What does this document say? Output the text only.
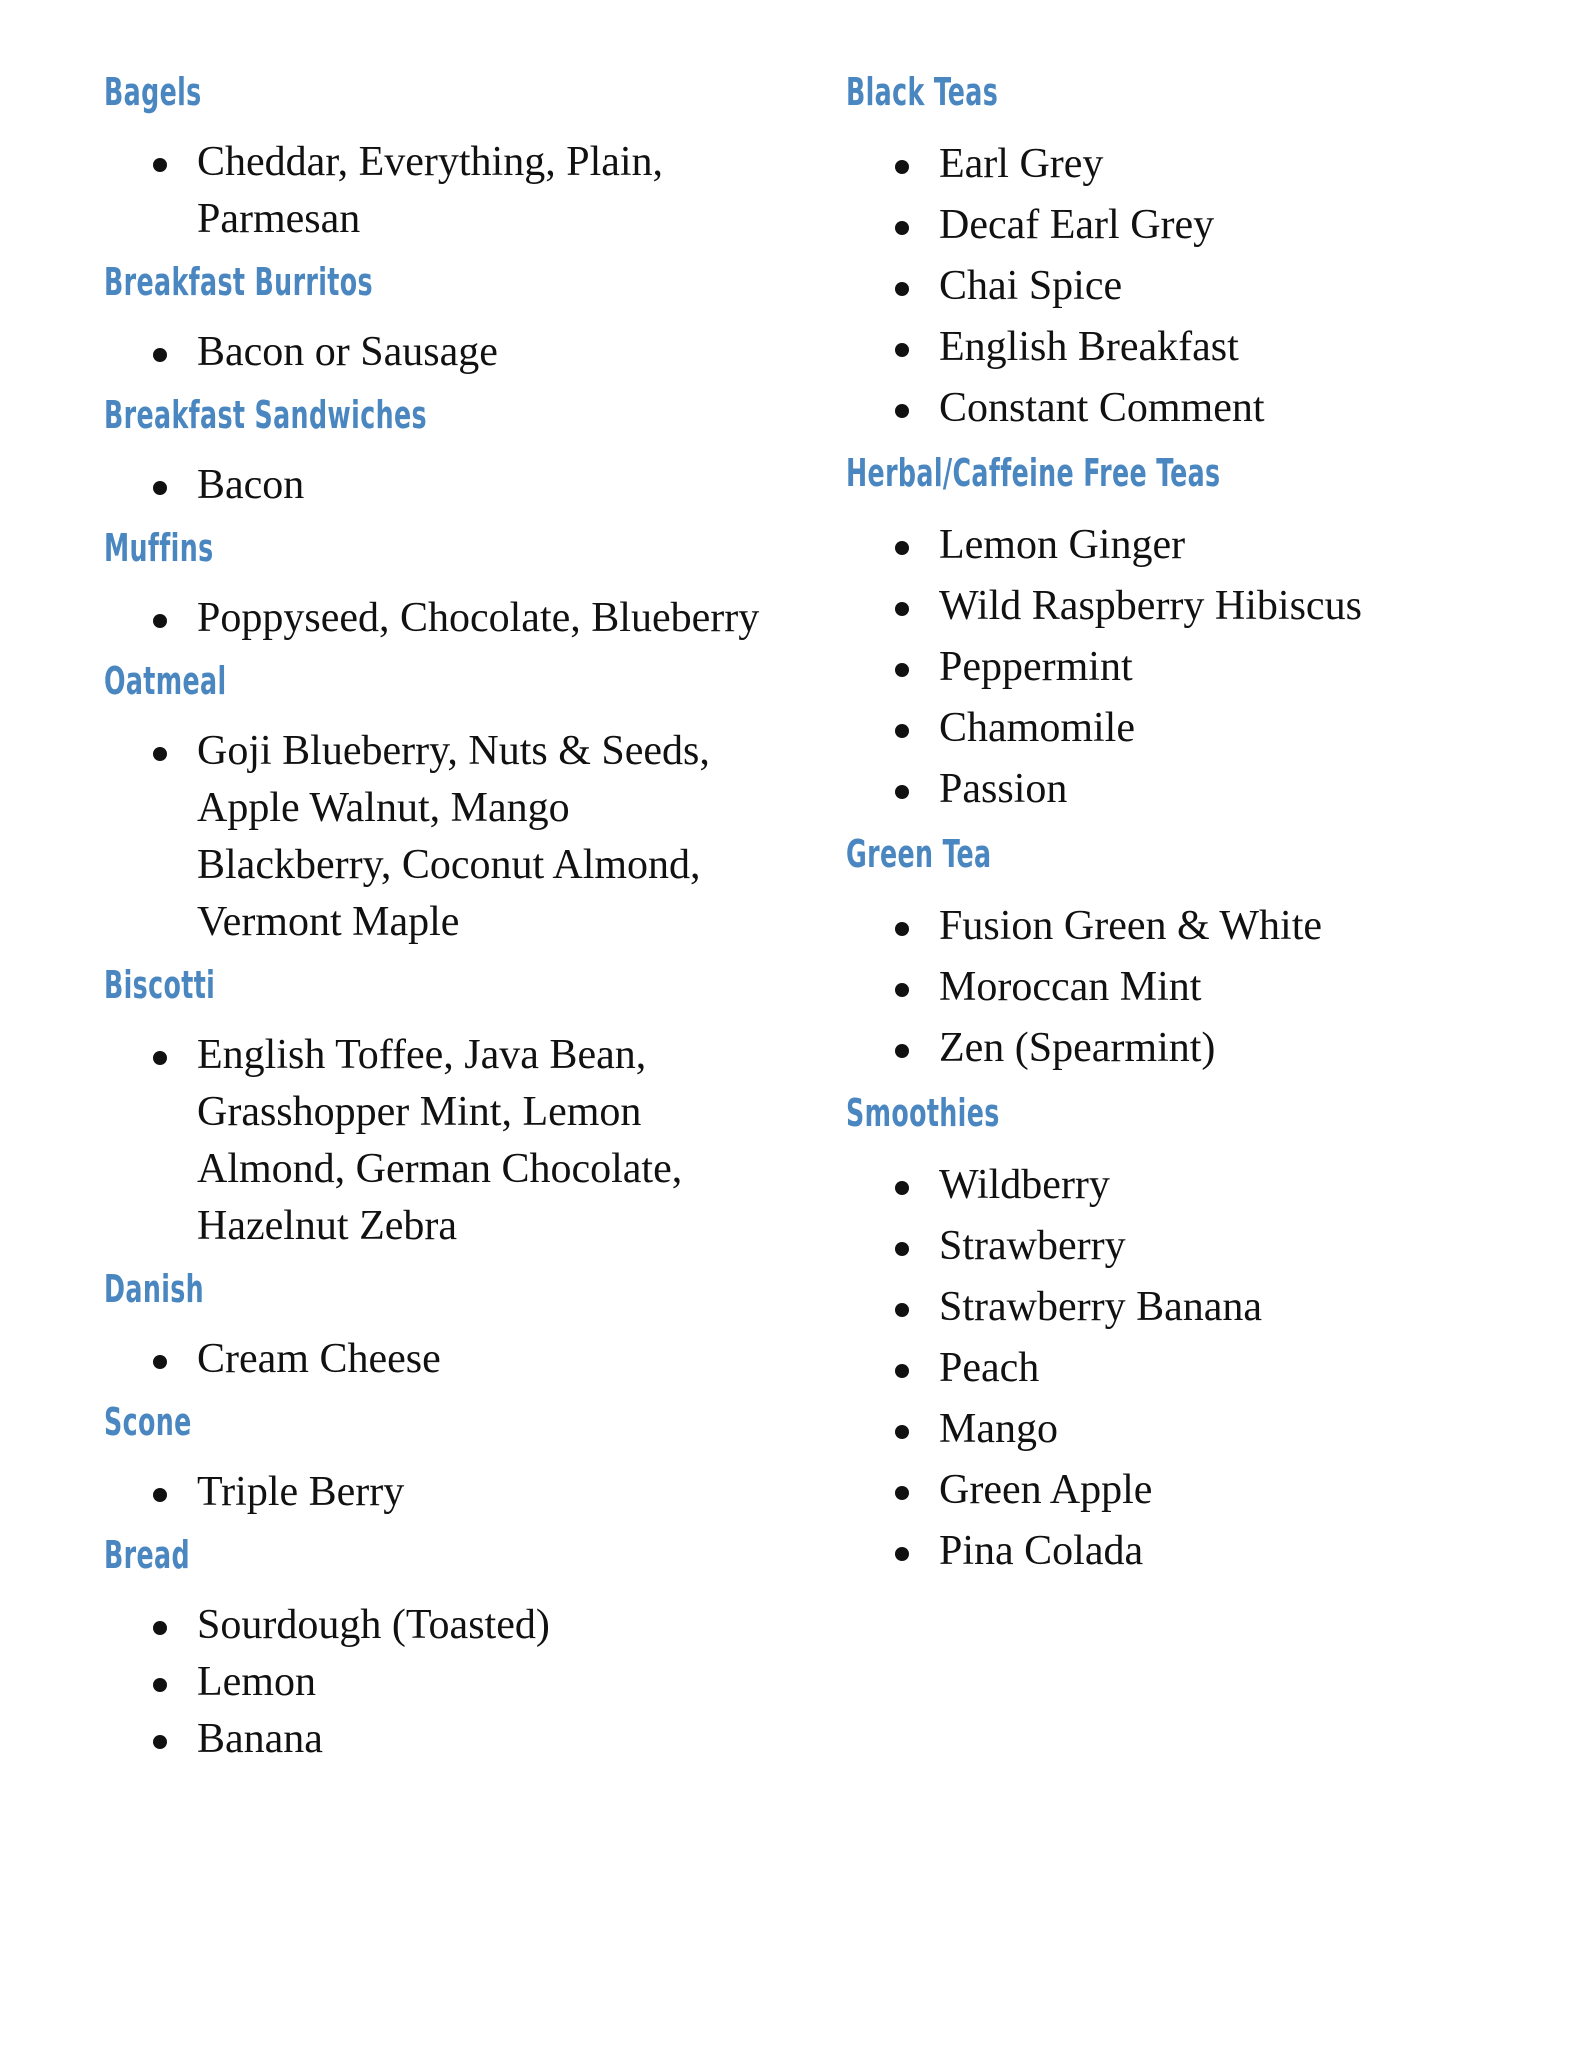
Bagels
Cheddar, Everything, Plain, Parmesan
Breakfast Burritos
Bacon or Sausage
Breakfast Sandwiches
Bacon
Muffins
Poppyseed, Chocolate, Blueberry
Oatmeal
Goji Blueberry, Nuts & Seeds, Apple Walnut, Mango Blackberry, Coconut Almond, Vermont Maple
Biscotti
English Toffee, Java Bean, Grasshopper Mint, Lemon Almond, German Chocolate, Hazelnut Zebra
Danish
Cream Cheese
Scone
Triple Berry
Bread
Sourdough (Toasted)
Lemon
Banana
Black Teas
Earl Grey
Decaf Earl Grey
Chai Spice
English Breakfast
Constant Comment
Herbal/Caffeine Free Teas
Lemon Ginger
Wild Raspberry Hibiscus
Peppermint
Chamomile
Passion
Green Tea
Fusion Green & White
Moroccan Mint
Zen (Spearmint)
Smoothies
Wildberry
Strawberry
Strawberry Banana
Peach
Mango
Green Apple
Pina Colada
